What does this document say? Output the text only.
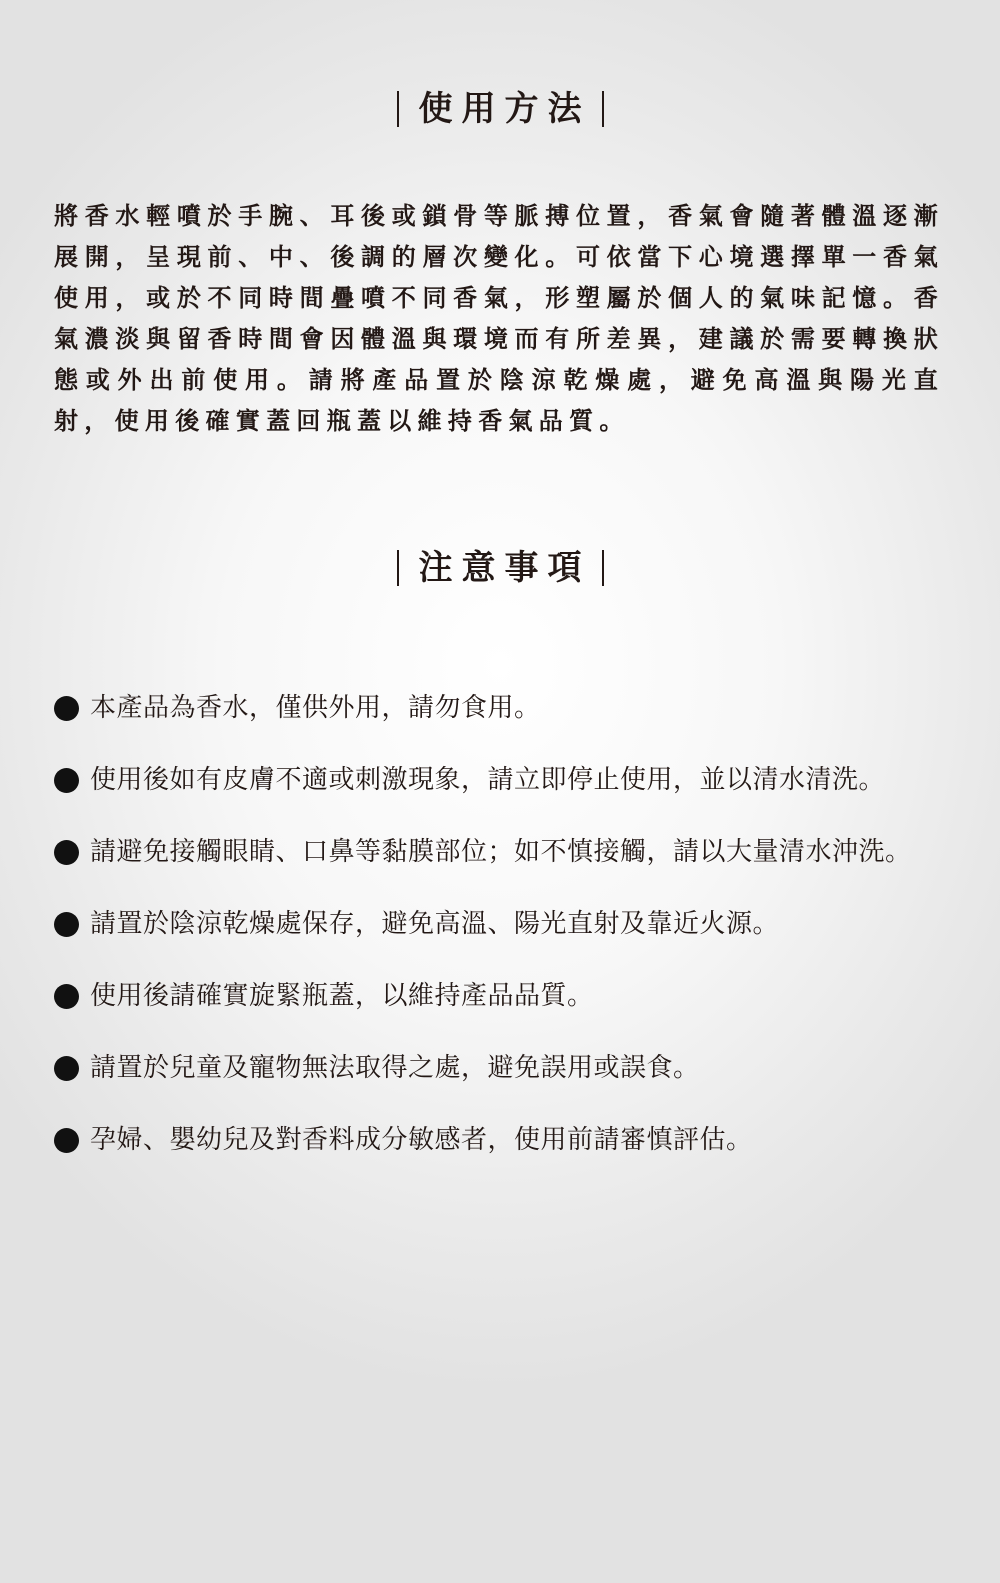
使用方法

將香水輕噴於手腕、耳後或鎖骨等脈搏位置，香氣會隨著體溫逐漸展開，呈現前、中、後調的層次變化。可依當下心境選擇單一香氣使用，或於不同時間疊噴不同香氣，形塑屬於個人的氣味記憶。香氣濃淡與留香時間會因體溫與環境而有所差異，建議於需要轉換狀態或外出前使用。請將產品置於陰涼乾燥處，避免高溫與陽光直射，使用後確實蓋回瓶蓋以維持香氣品質。

注意事項
本產品為香水，僅供外用，請勿食用。
使用後如有皮膚不適或刺激現象，請立即停止使用，並以清水清洗。
請避免接觸眼睛、口鼻等黏膜部位；如不慎接觸，請以大量清水沖洗。
請置於陰涼乾燥處保存，避免高溫、陽光直射及靠近火源。
使用後請確實旋緊瓶蓋，以維持產品品質。
請置於兒童及寵物無法取得之處，避免誤用或誤食。
孕婦、嬰幼兒及對香料成分敏感者，使用前請審慎評估。
